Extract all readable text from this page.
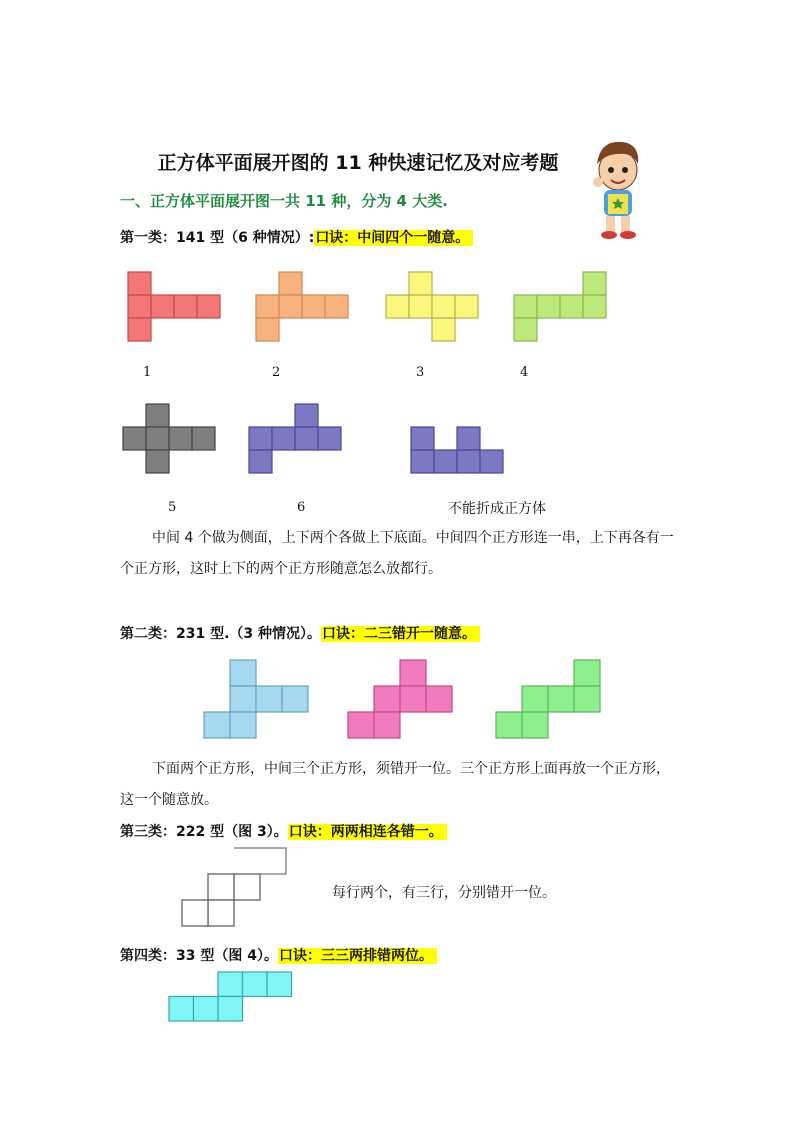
正方体平面展开图的 11 种快速记忆及对应考题
一、正方体平面展开图一共 11 种，分为 4 大类.
第一类：141 型（6 种情况）:口诀：中间四个一随意。
1	2	3	4
5	6	不能折成正方体
中间 4 个做为侧面，上下两个各做上下底面。中间四个正方形连一串，上下再各有一个正方形，这时上下的两个正方形随意怎么放都行。
第二类：231 型.（3 种情况）。口诀：二三错开一随意。
下面两个正方形，中间三个正方形，须错开一位。三个正方形上面再放一个正方形，这一个随意放。
第三类：222 型（图 3）。口诀：两两相连各错一。
每行两个，有三行，分别错开一位。
第四类：33 型（图 4）。口诀：三三两排错两位。
